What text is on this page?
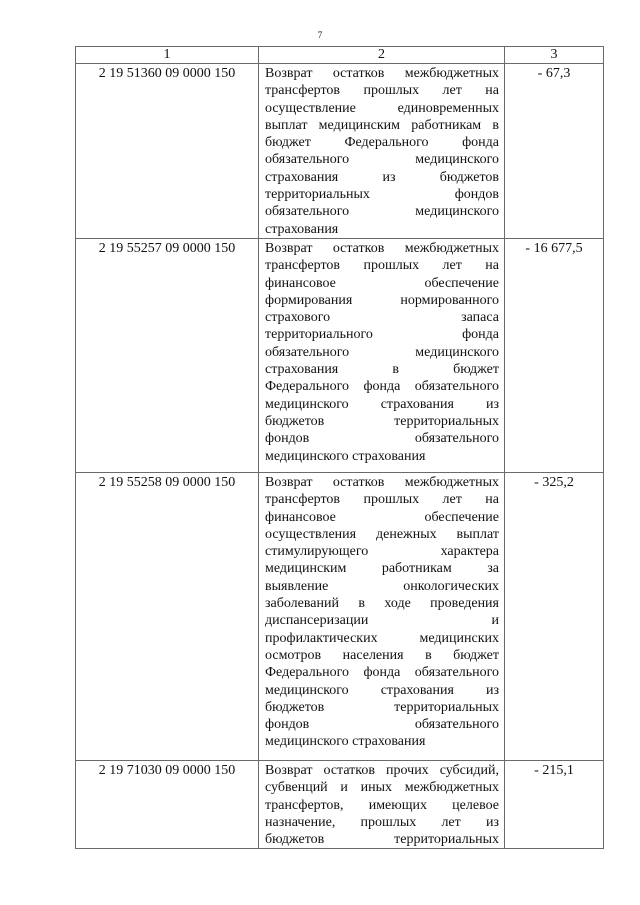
7
1	2	3
2 19 51360 09 0000 150	Возврат остатков межбюджетных
трансфертов прошлых лет на
осуществление единовременных
выплат медицинским работникам в
бюджет Федерального фонда
обязательного медицинского
страхования из бюджетов
территориальных фондов
обязательного медицинского
страхования
	- 67,3
2 19 55257 09 0000 150	Возврат остатков межбюджетных
трансфертов прошлых лет на
финансовое обеспечение
формирования нормированного
страхового запаса
территориального фонда
обязательного медицинского
страхования в бюджет
Федерального фонда обязательного
медицинского страхования из
бюджетов территориальных
фондов обязательного
медицинского страхования
	- 16 677,5
2 19 55258 09 0000 150	Возврат остатков межбюджетных
трансфертов прошлых лет на
финансовое обеспечение
осуществления денежных выплат
стимулирующего характера
медицинским работникам за
выявление онкологических
заболеваний в ходе проведения
диспансеризации и
профилактических медицинских
осмотров населения в бюджет
Федерального фонда обязательного
медицинского страхования из
бюджетов территориальных
фондов обязательного
медицинского страхования
	- 325,2
2 19 71030 09 0000 150	Возврат остатков прочих субсидий,
субвенций и иных межбюджетных
трансфертов, имеющих целевое
назначение, прошлых лет из
бюджетов территориальных	- 215,1
